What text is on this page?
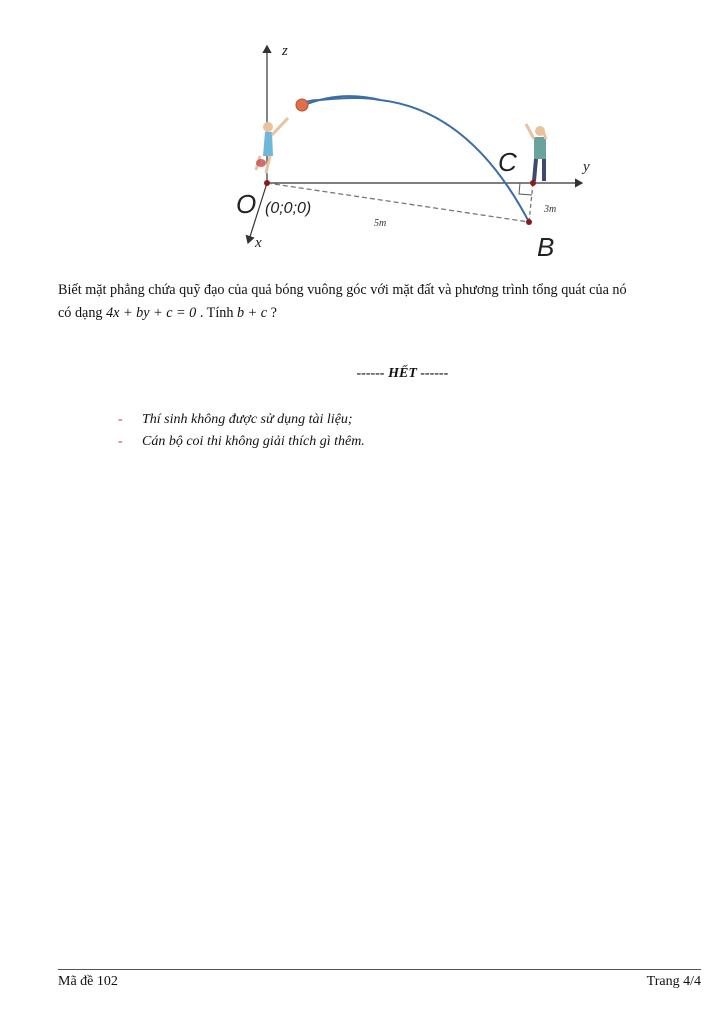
z
y
x
O (0;0;0)
C
B
5m
3m
Biết mặt phẳng chứa quỹ đạo của quả bóng vuông góc với mặt đất và phương trình tổng quát của nó
có dạng 4x + by + c = 0 . Tính b + c ?
------ HẾT ------
-	Thí sinh không được sử dụng tài liệu;
-	Cán bộ coi thi không giải thích gì thêm.
Mã đề 102	Trang 4/4
